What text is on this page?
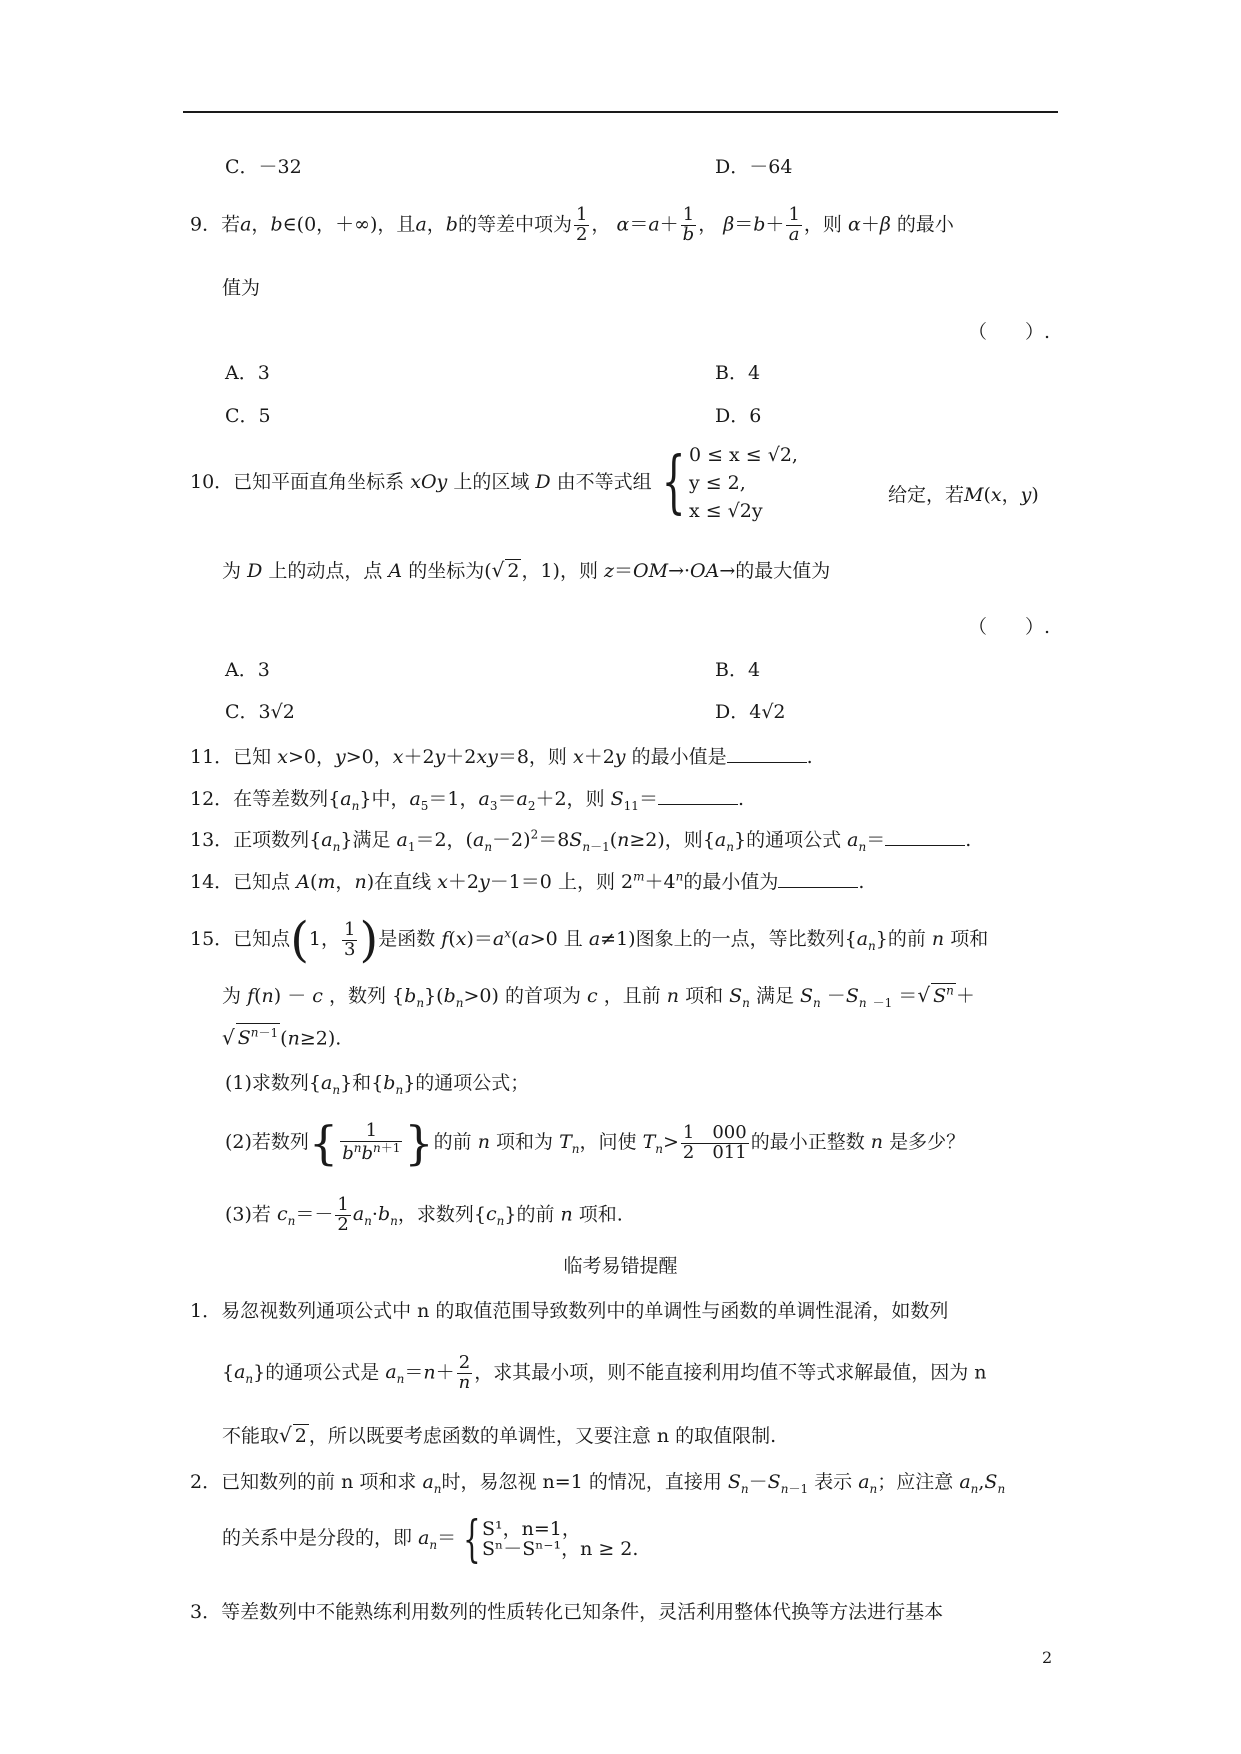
C．－32	D．－64
9．若a，b∈(0，＋∞)，且a，b的等差中项为 $\frac{1}{2}$ ， $\alpha=a+ \frac{1}{b}$ ， $\beta=b+ \frac{1}{a}$ ，则 α＋β 的最小
值为
（　　）.
A．3	B．4
C．5	D．6
10．已知平面直角坐标系 xOy 上的区域 D 由不等式组 { 0 ≤ x ≤ √2,
y ≤ 2,
x ≤ √2y
给定，若M(x，y)
为 D 上的动点，点 A 的坐标为(√ 2 ，1)，则 z＝OM→·OA→的最大值为
（　　）.
A．3	B．4
C．3√2	D．4√2
11．已知 x>0，y>0，x＋2y＋2xy＝8，则 x＋2y 的最小值是	.
12．在等差数列$\{a_n\}$中，$a_5=1$，$a_3=a_2+2$，则 $S_{11}=$	.
13．正项数列$\{a_n\}$满足 $a_1=2$，$(a_n-2)^2=8S_{n-1}(n\ge 2)$，则$\{a_n\}$的通项公式 $a_n=$	.
14．已知点 A(m，n)在直线 x＋2y－1＝0 上，则 $2^m+4^n$的最小值为	.
15．已知点(1， $\frac{1}{3}$ )是函数 $f(x)=a^x(a>0$ 且 a≠1)图象上的一点，等比数列$\{a_n\}$的前 n 项和
为 f(n) － c ，数列 $\{b_n\}(b_n>0)$ 的首项为 c ，且前 n 项和 $S_n$ 满足 $S_n -S_n$ $_{-1}$ ＝√ $S^n$ ＋
√ $S^{n-1}$ (n≥2).
(1)求数列$\{a_n\}$和$\{b_n\}$的通项公式；
(2)若数列{ $\frac{1}{b^nb^{n+1}}$ }的前 n 项和为 $T_n$，问使 $T_n> \frac{1 000}{2 011}$ 的最小正整数 n 是多少？
(3)若 $c_n=- \frac{1}{2} a_n\cdot b_n$，求数列$\{c_n\}$的前 n 项和.
临考易错提醒
1．易忽视数列通项公式中 n 的取值范围导致数列中的单调性与函数的单调性混淆，如数列
$\{a_n\}$的通项公式是 $a_n=n+ \frac{2}{n}$ ，求其最小项，则不能直接利用均值不等式求解最值，因为 n
不能取√ 2 ，所以既要考虑函数的单调性，又要注意 n 的取值限制.
2．已知数列的前 n 项和求 $a_n$时，易忽视 n=1 的情况，直接用 $S_n-S_{n-1}$ 表示 $a_n$；应注意 $a_n,S_n$
的关系中是分段的，即 $a_n= \{S^1$，n=1，
Sⁿ－Sⁿ⁻¹，n ≥ 2.
3．等差数列中不能熟练利用数列的性质转化已知条件，灵活利用整体代换等方法进行基本
2
